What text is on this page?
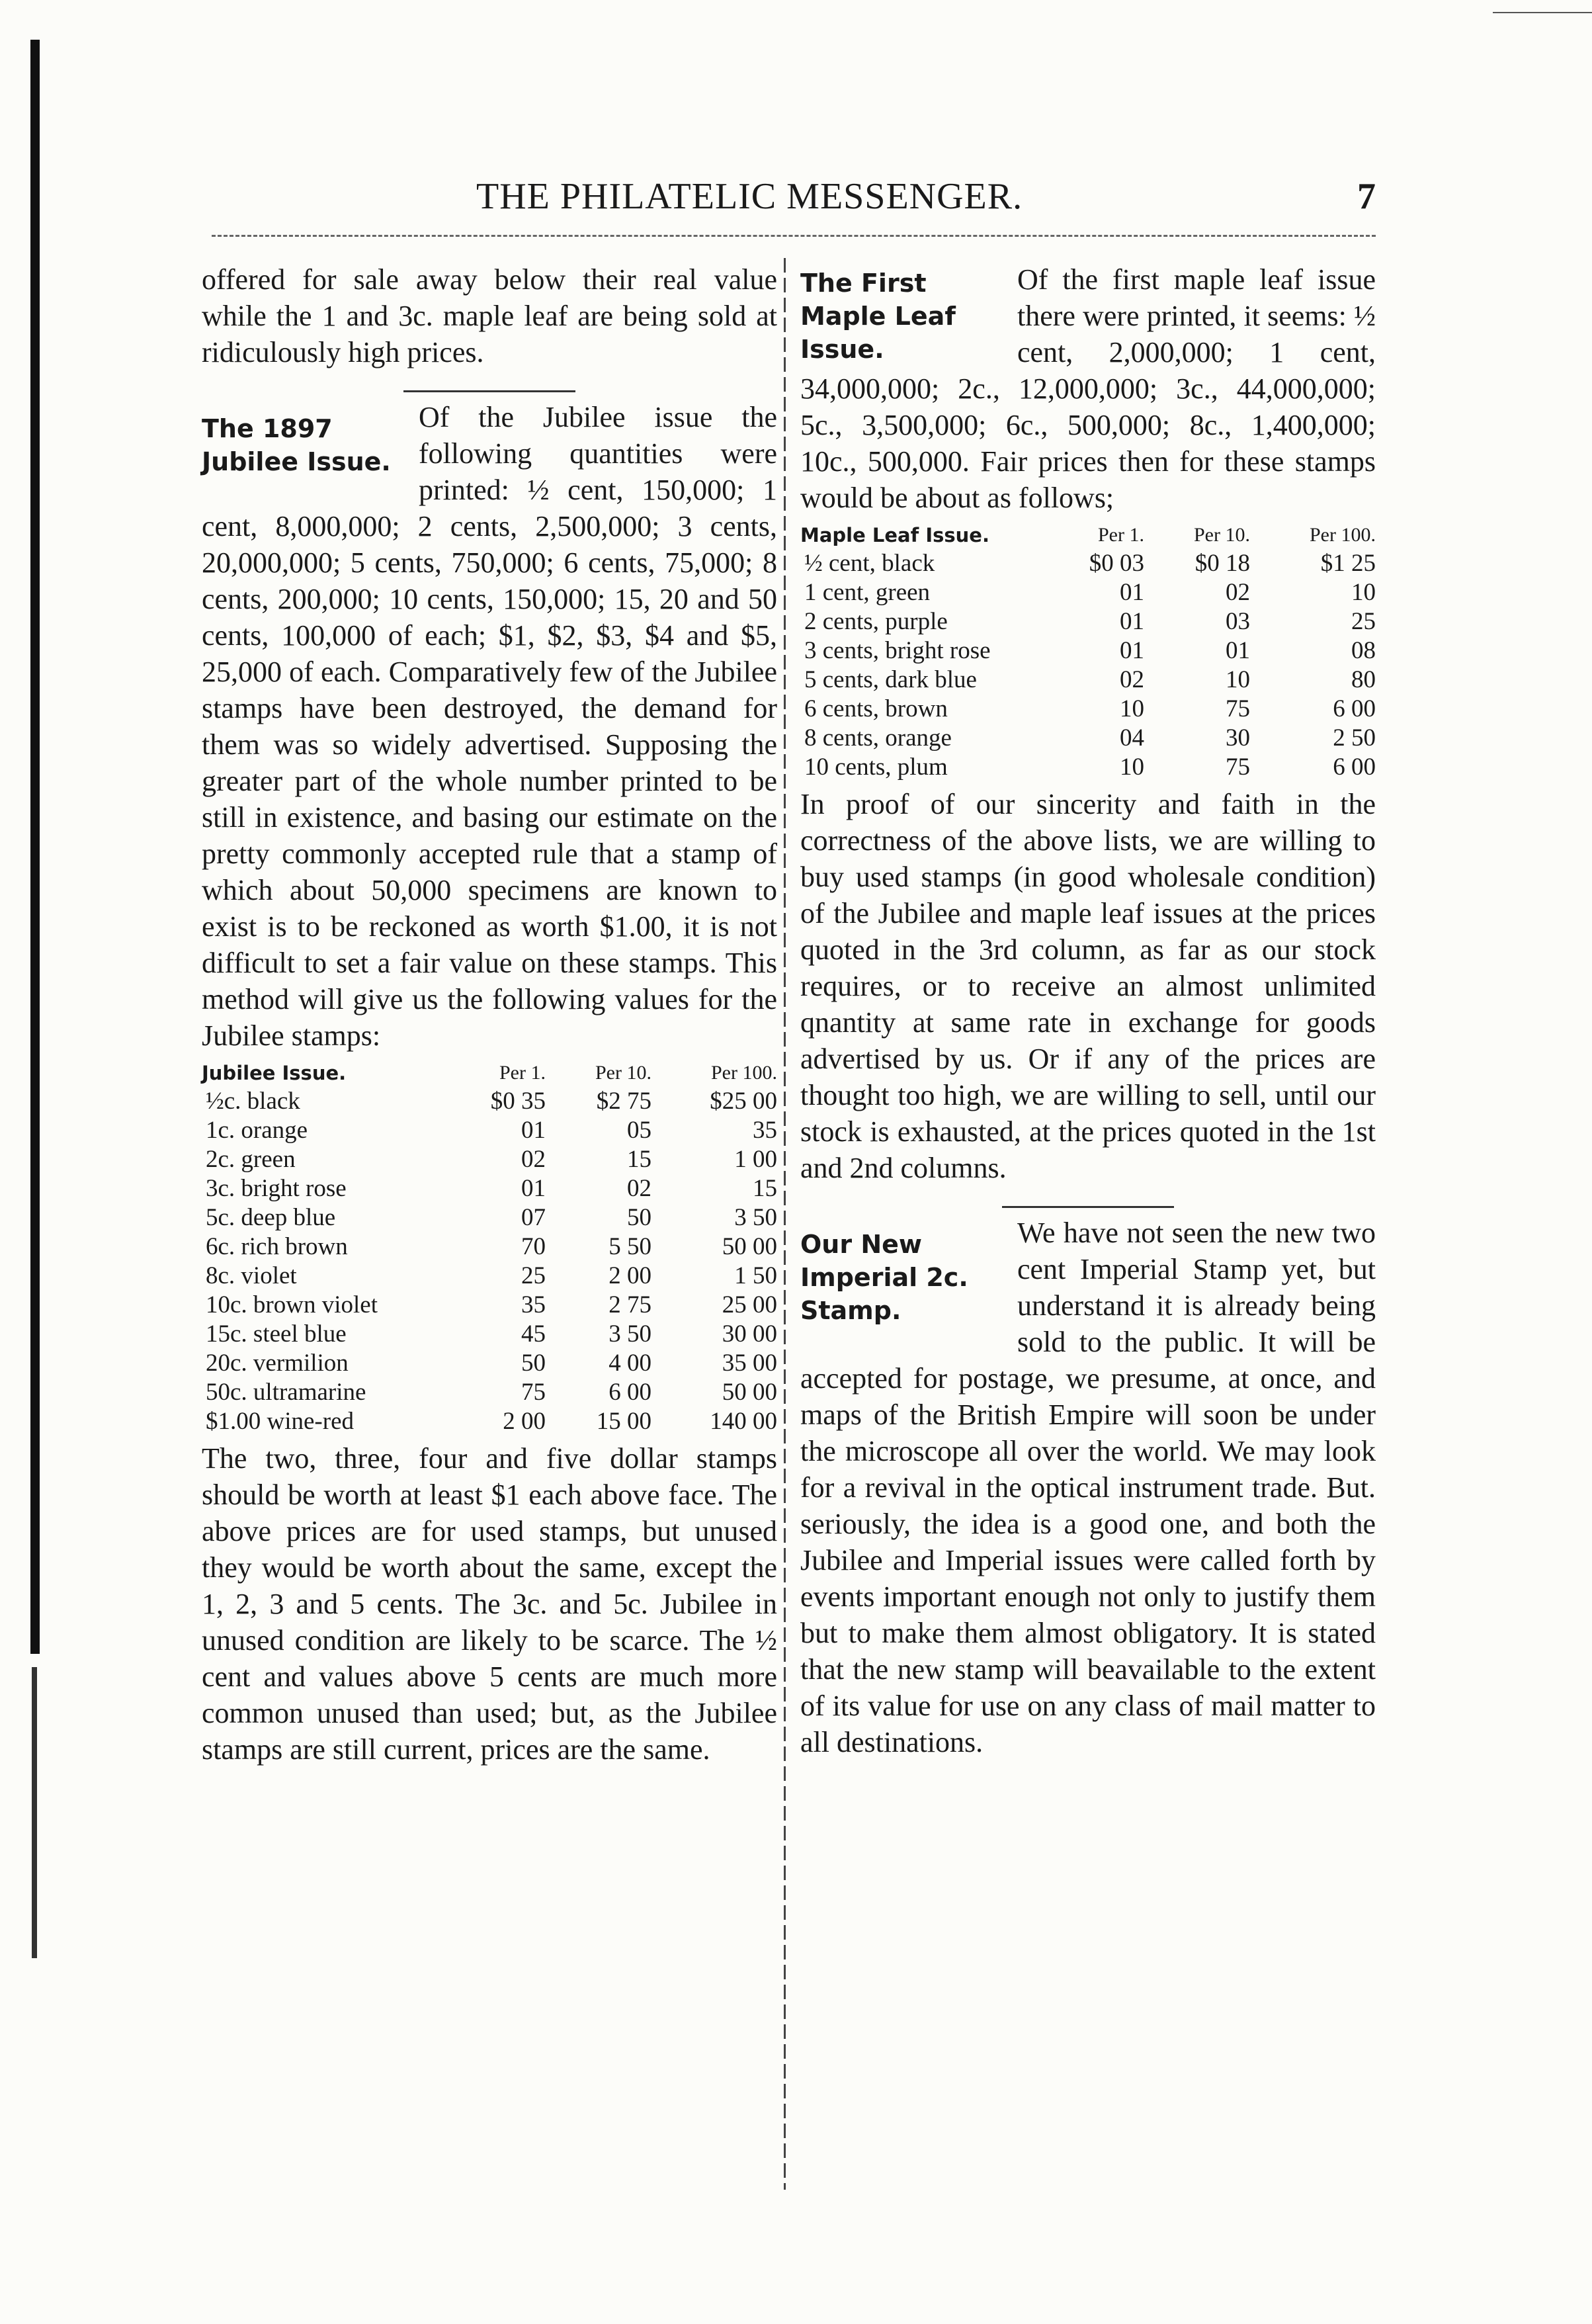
THE PHILATELIC MESSENGER.	7

offered for sale away below their real value while the 1 and 3c. maple leaf are being sold at ridiculously high prices.

The 1897 Jubilee Issue.

Of the Jubilee issue the following quantities were printed: ½ cent, 150,000; 1 cent, 8,000,000; 2 cents, 2,500,000; 3 cents, 20,000,000; 5 cents, 750,000; 6 cents, 75,000; 8 cents, 200,000; 10 cents, 150,000; 15, 20 and 50 cents, 100,000 of each; $1, $2, $3, $4 and $5, 25,000 of each. Comparatively few of the Jubilee stamps have been destroyed, the demand for them was so widely advertised. Supposing the greater part of the whole number printed to be still in existence, and basing our estimate on the pretty commonly accepted rule that a stamp of which about 50,000 specimens are known to exist is to be reckoned as worth $1.00, it is not difficult to set a fair value on these stamps. This method will give us the following values for the Jubilee stamps:

Jubilee Issue.	Per 1.	Per 10.	Per 100.
½c. black	$0 35	$2 75	$25 00
1c. orange	01	05	35
2c. green	02	15	1 00
3c. bright rose	01	02	15
5c. deep blue	07	50	3 50
6c. rich brown	70	5 50	50 00
8c. violet	25	2 00	1 50
10c. brown violet	35	2 75	25 00
15c. steel blue	45	3 50	30 00
20c. vermilion	50	4 00	35 00
50c. ultramarine	75	6 00	50 00
$1.00 wine-red	2 00	15 00	140 00

The two, three, four and five dollar stamps should be worth at least $1 each above face. The above prices are for used stamps, but unused they would be worth about the same, except the 1, 2, 3 and 5 cents. The 3c. and 5c. Jubilee in unused condition are likely to be scarce. The ½ cent and values above 5 cents are much more common unused than used; but, as the Jubilee stamps are still current, prices are the same.

The First Maple Leaf Issue.

Of the first maple leaf issue there were printed, it seems: ½ cent, 2,000,000; 1 cent, 34,000,000; 2c., 12,000,000; 3c., 44,000,000; 5c., 3,500,000; 6c., 500,000; 8c., 1,400,000; 10c., 500,000. Fair prices then for these stamps would be about as follows;

Maple Leaf Issue.	Per 1.	Per 10.	Per 100.
½ cent, black	$0 03	$0 18	$1 25
1 cent, green	01	02	10
2 cents, purple	01	03	25
3 cents, bright rose	01	01	08
5 cents, dark blue	02	10	80
6 cents, brown	10	75	6 00
8 cents, orange	04	30	2 50
10 cents, plum	10	75	6 00

In proof of our sincerity and faith in the correctness of the above lists, we are willing to buy used stamps (in good wholesale condition) of the Jubilee and maple leaf issues at the prices quoted in the 3rd column, as far as our stock requires, or to receive an almost unlimited qnantity at same rate in exchange for goods advertised by us. Or if any of the prices are thought too high, we are willing to sell, until our stock is exhausted, at the prices quoted in the 1st and 2nd columns.

Our New Imperial 2c. Stamp.

We have not seen the new two cent Imperial Stamp yet, but understand it is already being sold to the public. It will be accepted for postage, we presume, at once, and maps of the British Empire will soon be under the microscope all over the world. We may look for a revival in the optical instrument trade. But. seriously, the idea is a good one, and both the Jubilee and Imperial issues were called forth by events important enough not only to justify them but to make them almost obligatory. It is stated that the new stamp will beavailable to the extent of its value for use on any class of mail matter to all destinations.
